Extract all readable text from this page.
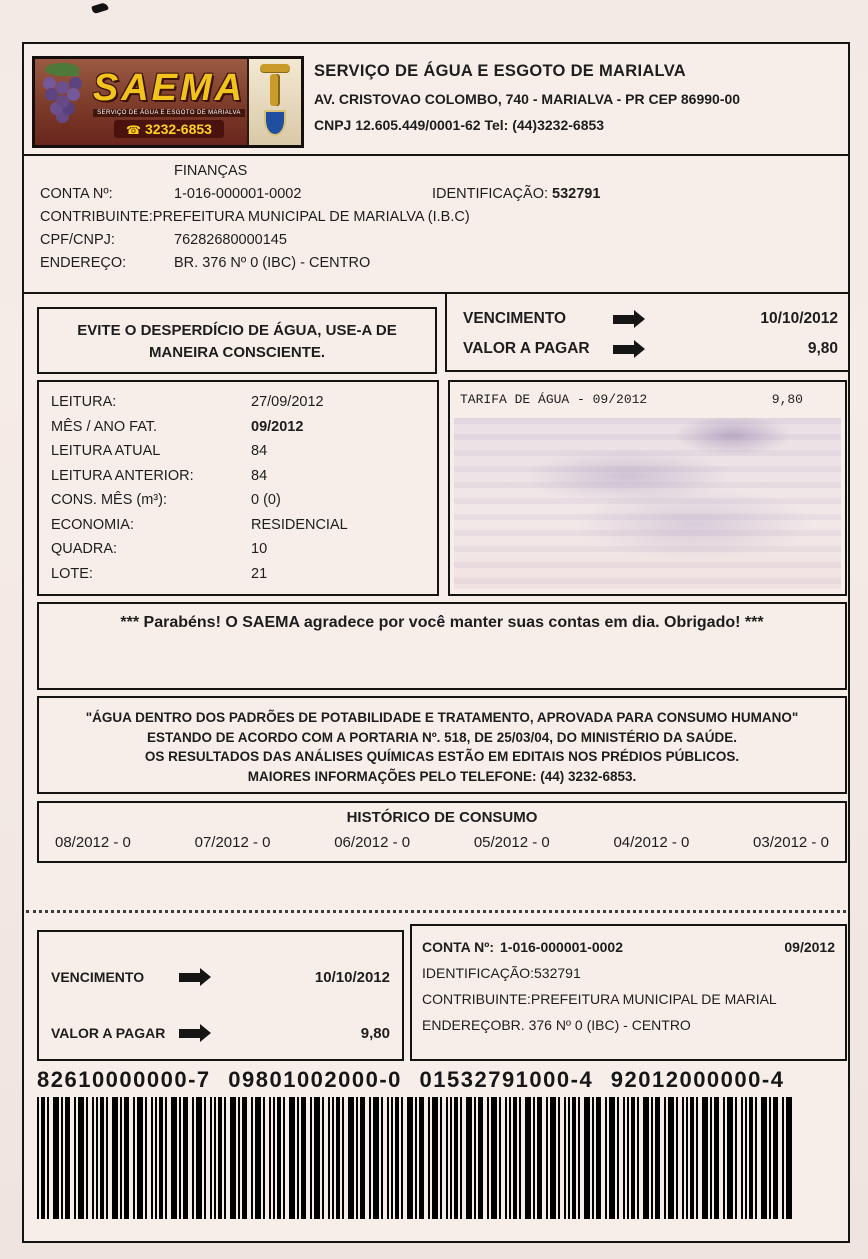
SAEMA
SERVIÇO DE ÁGUA E ESGOTO DE MARIALVA
☎ 3232-6853
SERVIÇO DE ÁGUA E ESGOTO DE MARIALVA
AV. CRISTOVAO COLOMBO, 740 - MARIALVA - PR CEP 86990-00
CNPJ 12.605.449/0001-62 Tel: (44)3232-6853
FINANÇAS
CONTA Nº:	1-016-000001-0002	IDENTIFICAÇÃO: 532791
CONTRIBUINTE:PREFEITURA MUNICIPAL DE MARIALVA (I.B.C)
CPF/CNPJ:	76282680000145
ENDEREÇO:	BR. 376 Nº 0 (IBC) - CENTRO
EVITE O DESPERDÍCIO DE ÁGUA, USE-A DE
MANEIRA CONSCIENTE.
VENCIMENTO	10/10/2012
VALOR A PAGAR	9,80
LEITURA:	27/09/2012
MÊS / ANO FAT.	09/2012
LEITURA ATUAL	84
LEITURA ANTERIOR:	84
CONS. MÊS (m³):	0 (0)
ECONOMIA:	RESIDENCIAL
QUADRA:	10
LOTE:	21
TARIFA DE ÁGUA - 09/2012	9,80
*** Parabéns! O SAEMA agradece por você manter suas contas em dia. Obrigado! ***
"ÁGUA DENTRO DOS PADRÕES DE POTABILIDADE E TRATAMENTO, APROVADA PARA CONSUMO HUMANO"
ESTANDO DE ACORDO COM A PORTARIA Nº. 518, DE 25/03/04, DO MINISTÉRIO DA SAÚDE.
OS RESULTADOS DAS ANÁLISES QUÍMICAS ESTÃO EM EDITAIS NOS PRÉDIOS PÚBLICOS.
MAIORES INFORMAÇÕES PELO TELEFONE: (44) 3232-6853.
HISTÓRICO DE CONSUMO
08/2012 - 0	07/2012 - 0	06/2012 - 0	05/2012 - 0	04/2012 - 0	03/2012 - 0
VENCIMENTO	10/10/2012
VALOR A PAGAR	9,80
CONTA Nº: 1-016-000001-0002	09/2012
IDENTIFICAÇÃO:532791
CONTRIBUINTE:PREFEITURA MUNICIPAL DE MARIAL
ENDEREÇOBR. 376 Nº 0 (IBC) - CENTRO
82610000000-7 09801002000-0 01532791000-4 92012000000-4
